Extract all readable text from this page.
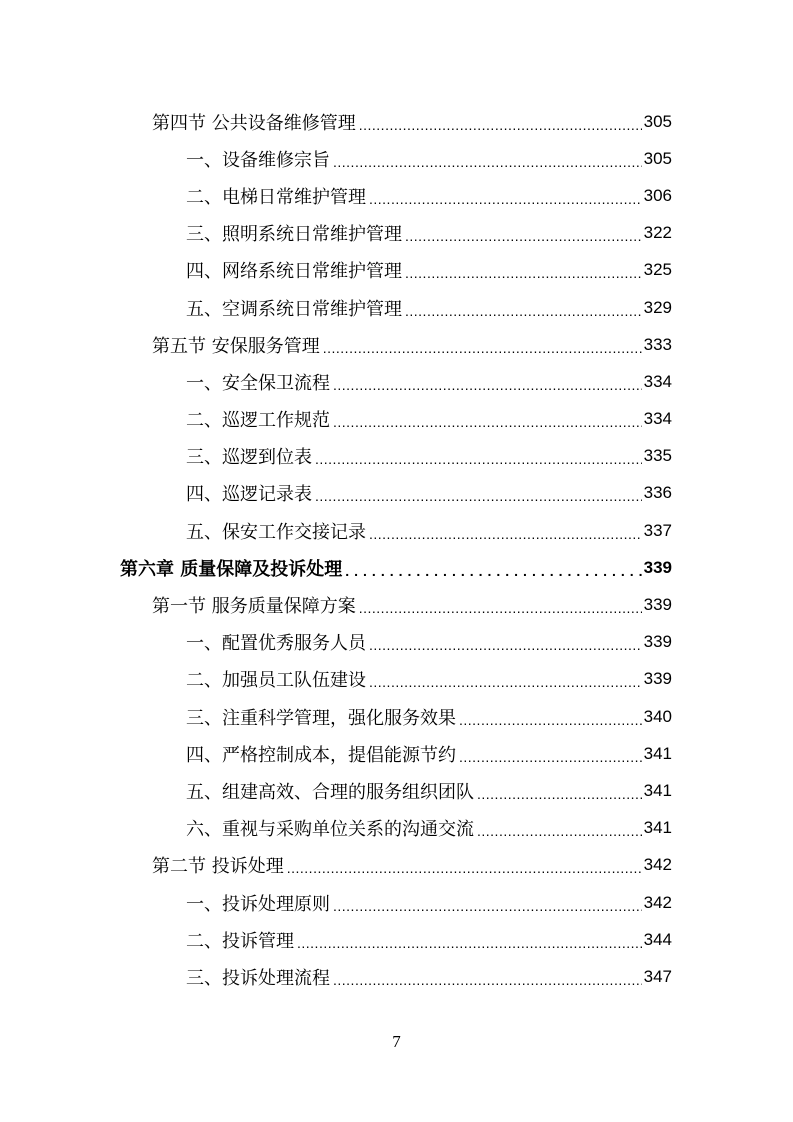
第四节 公共设备维修管理 .....	305
一、设备维修宗旨 .....	305
二、电梯日常维护管理 .....	306
三、照明系统日常维护管理 .....	322
四、网络系统日常维护管理 .....	325
五、空调系统日常维护管理 .....	329
第五节 安保服务管理 .....	333
一、安全保卫流程 .....	334
二、巡逻工作规范 .....	334
三、巡逻到位表 .....	335
四、巡逻记录表 .....	336
五、保安工作交接记录 .....	337
第六章 质量保障及投诉处理 .....	339
第一节 服务质量保障方案 .....	339
一、配置优秀服务人员 .....	339
二、加强员工队伍建设 .....	339
三、注重科学管理，强化服务效果 .....	340
四、严格控制成本，提倡能源节约 .....	341
五、组建高效、合理的服务组织团队 .....	341
六、重视与采购单位关系的沟通交流 .....	341
第二节 投诉处理 .....	342
一、投诉处理原则 .....	342
二、投诉管理 .....	344
三、投诉处理流程 .....	347
7
